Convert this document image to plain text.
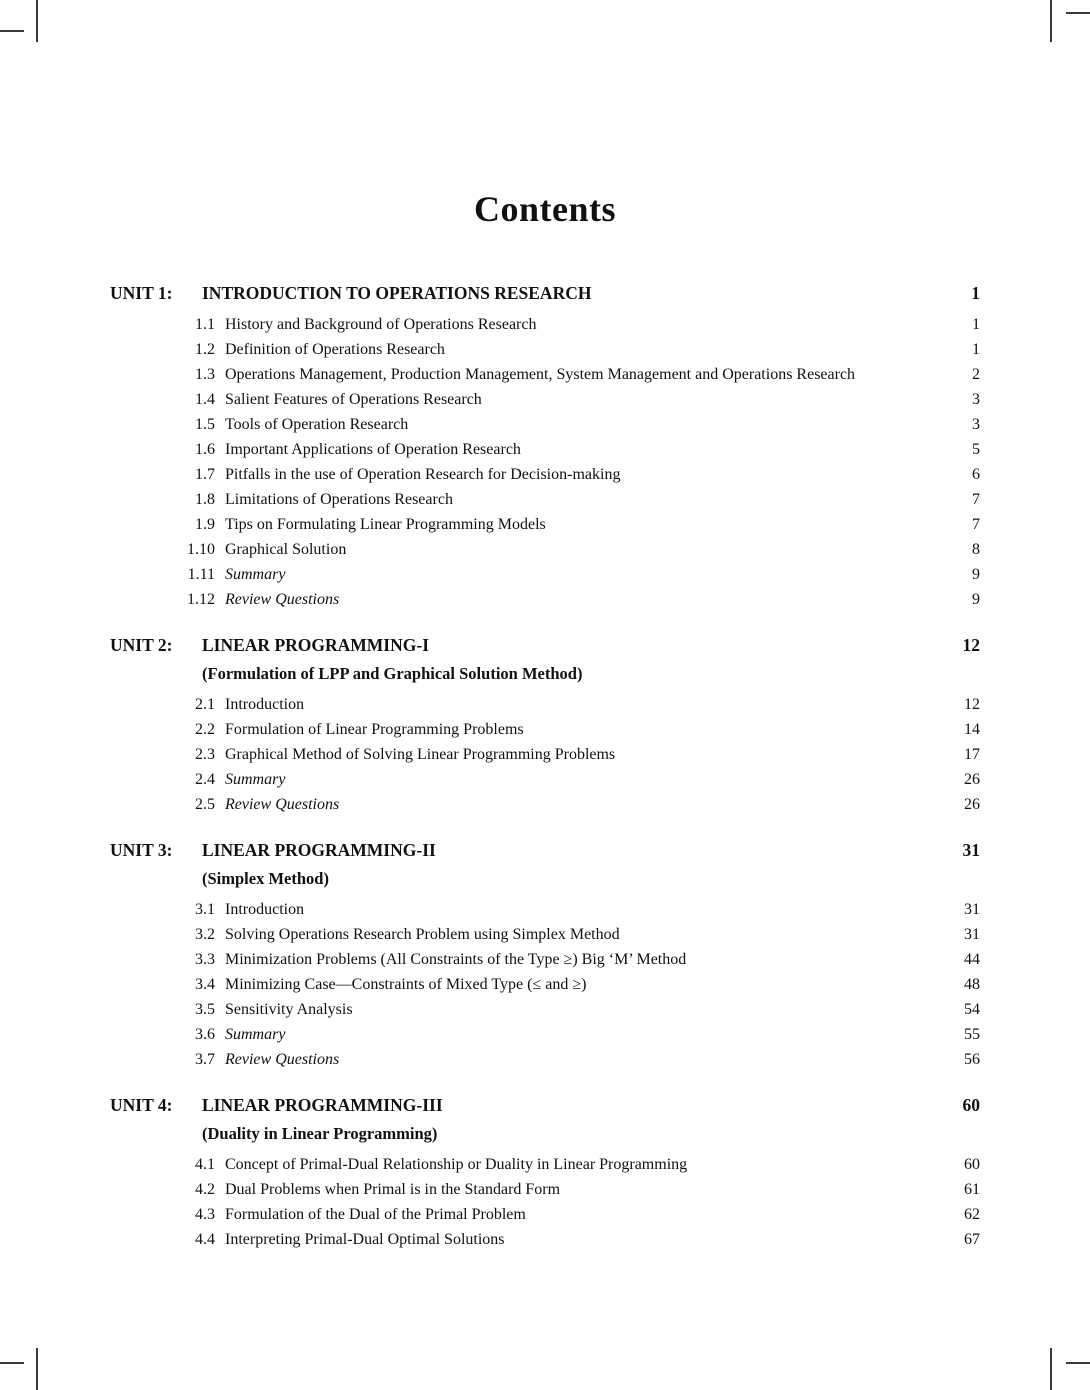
Contents
UNIT 1:	INTRODUCTION TO OPERATIONS RESEARCH	1
1.1 History and Background of Operations Research	1
1.2 Definition of Operations Research	1
1.3 Operations Management, Production Management, System Management and Operations Research	2
1.4 Salient Features of Operations Research	3
1.5 Tools of Operation Research	3
1.6 Important Applications of Operation Research	5
1.7 Pitfalls in the use of Operation Research for Decision-making	6
1.8 Limitations of Operations Research	7
1.9 Tips on Formulating Linear Programming Models	7
1.10 Graphical Solution	8
1.11 Summary	9
1.12 Review Questions	9
UNIT 2:	LINEAR PROGRAMMING-I	12
(Formulation of LPP and Graphical Solution Method)
2.1 Introduction	12
2.2 Formulation of Linear Programming Problems	14
2.3 Graphical Method of Solving Linear Programming Problems	17
2.4 Summary	26
2.5 Review Questions	26
UNIT 3:	LINEAR PROGRAMMING-II	31
(Simplex Method)
3.1 Introduction	31
3.2 Solving Operations Research Problem using Simplex Method	31
3.3 Minimization Problems (All Constraints of the Type ≥) Big ‘M’ Method	44
3.4 Minimizing Case—Constraints of Mixed Type (≤ and ≥)	48
3.5 Sensitivity Analysis	54
3.6 Summary	55
3.7 Review Questions	56
UNIT 4:	LINEAR PROGRAMMING-III	60
(Duality in Linear Programming)
4.1 Concept of Primal-Dual Relationship or Duality in Linear Programming	60
4.2 Dual Problems when Primal is in the Standard Form	61
4.3 Formulation of the Dual of the Primal Problem	62
4.4 Interpreting Primal-Dual Optimal Solutions	67
